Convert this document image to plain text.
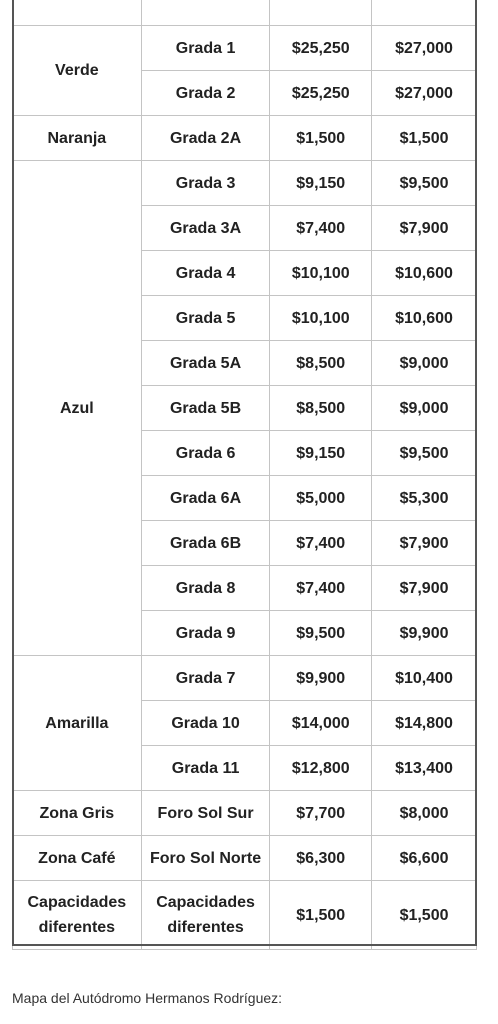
Verde	Grada 1	$25,250	$27,000
	Grada 2	$25,250	$27,000
Naranja	Grada 2A	$1,500	$1,500
Azul	Grada 3	$9,150	$9,500
	Grada 3A	$7,400	$7,900
	Grada 4	$10,100	$10,600
	Grada 5	$10,100	$10,600
	Grada 5A	$8,500	$9,000
	Grada 5B	$8,500	$9,000
	Grada 6	$9,150	$9,500
	Grada 6A	$5,000	$5,300
	Grada 6B	$7,400	$7,900
	Grada 8	$7,400	$7,900
	Grada 9	$9,500	$9,900
Amarilla	Grada 7	$9,900	$10,400
	Grada 10	$14,000	$14,800
	Grada 11	$12,800	$13,400
Zona Gris	Foro Sol Sur	$7,700	$8,000
Zona Café	Foro Sol Norte	$6,300	$6,600
Capacidades diferentes	Capacidades diferentes	$1,500	$1,500
Mapa del Autódromo Hermanos Rodríguez:
